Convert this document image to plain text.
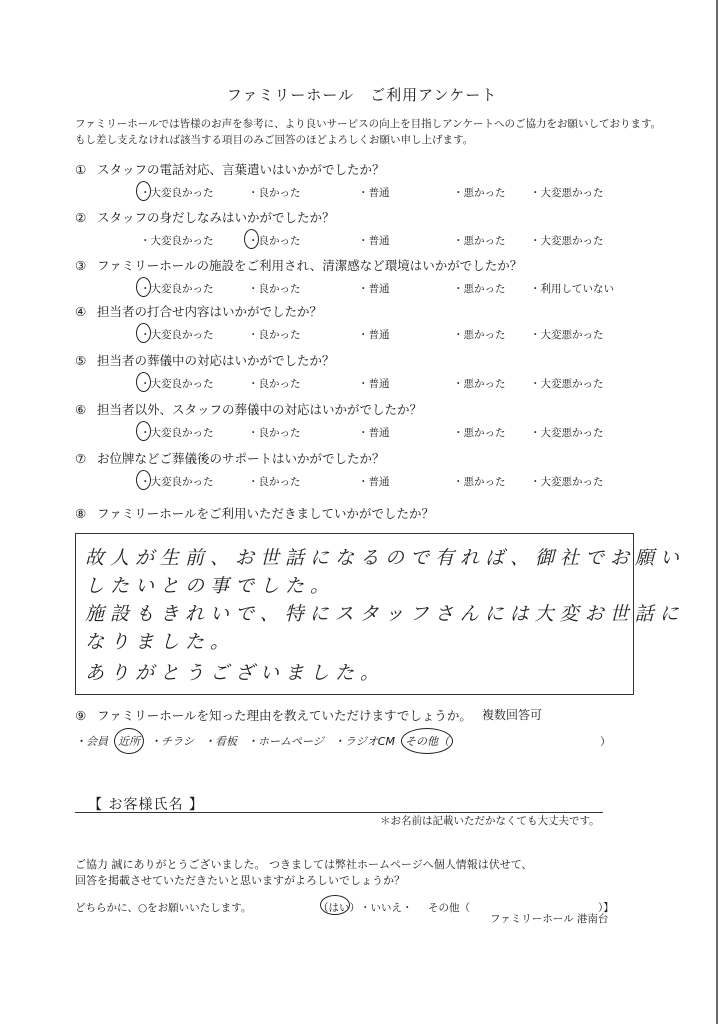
ファミリーホール　ご利用アンケート
ファミリーホールでは皆様のお声を参考に、より良いサービスの向上を目指しアンケートへのご協力をお願いしております。
もし差し支えなければ該当する項目のみご回答のほどよろしくお願い申し上げます。
① スタッフの電話対応、言葉遣いはいかがでしたか？
・大変良かった	・良かった	・普通	・悪かった ・大変悪かった
② スタッフの身だしなみはいかがでしたか？
・大変良かった	・良かった	・普通	・悪かった ・大変悪かった
③ ファミリーホールの施設をご利用され、清潔感など環境はいかがでしたか？
・大変良かった	・良かった	・普通	・悪かった ・利用していない
④ 担当者の打合せ内容はいかがでしたか？
・大変良かった	・良かった	・普通	・悪かった ・大変悪かった
⑤ 担当者の葬儀中の対応はいかがでしたか？
・大変良かった	・良かった	・普通	・悪かった ・大変悪かった
⑥ 担当者以外、スタッフの葬儀中の対応はいかがでしたか？
・大変良かった	・良かった	・普通	・悪かった ・大変悪かった
⑦ お位牌などご葬儀後のサポートはいかがでしたか？
・大変良かった	・良かった	・普通	・悪かった ・大変悪かった
⑧ ファミリーホールをご利用いただきましていかがでしたか？
故人が生前、お世話になるので有れば、御社でお願い
したいとの事でした。
施設もきれいで、特にスタッフさんには大変お世話に
なりました。
ありがとうございました。
⑨ ファミリーホールを知った理由を教えていただけますでしょうか。 複数回答可
・会員 近所 ・チラシ ・看板 ・ホームページ ・ラジオCM その他（	）
【 お客様氏名 】
＊お名前は記載いただかなくても大丈夫です。
ご協力 誠にありがとうございました。 つきましては弊社ホームページへ個人情報は伏せて、
回答を掲載させていただきたいと思いますがよろしいでしょうか？
どちらかに、○をお願いいたします。	（はい） ・いいえ・ その他（	）】
ファミリーホール 港南台
